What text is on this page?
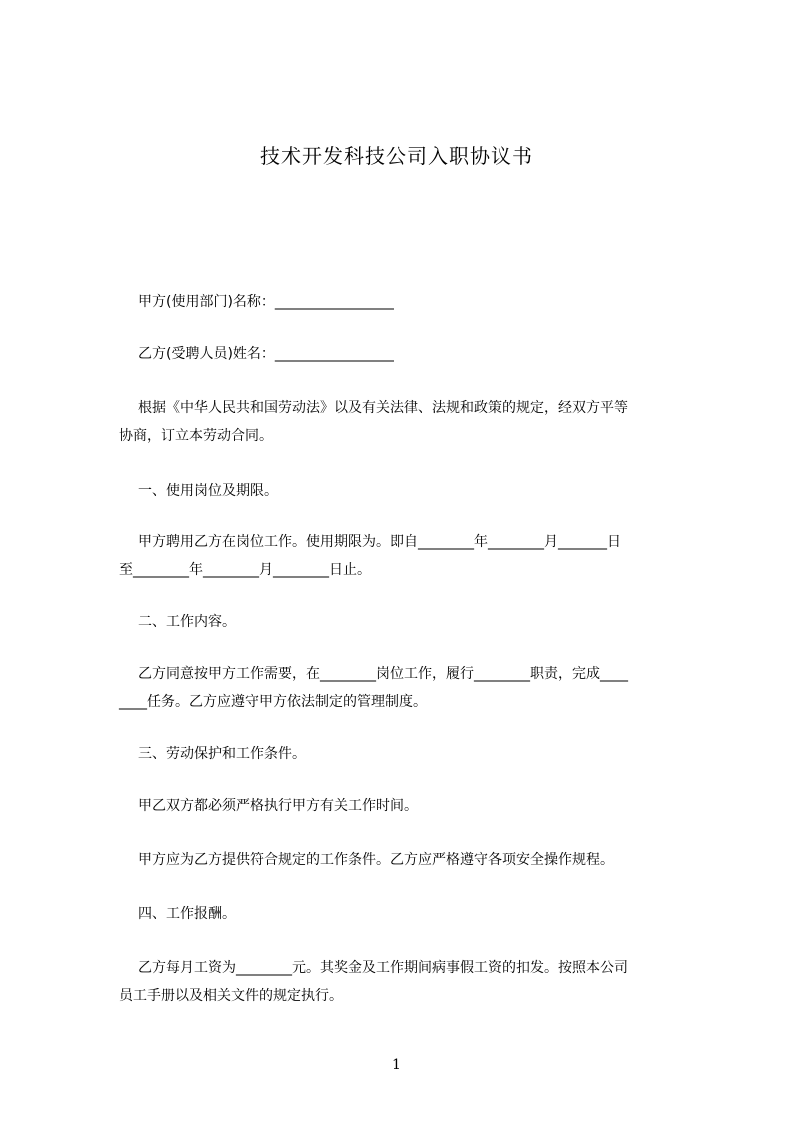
技术开发科技公司入职协议书
甲方(使用部门)名称：_________________
乙方(受聘人员)姓名：_________________
根据《中华人民共和国劳动法》以及有关法律、法规和政策的规定，经双方平等
协商，订立本劳动合同。
一、使用岗位及期限。
甲方聘用乙方在岗位工作。使用期限为。即自________年________月_______日
至________年________月________日止。
二、工作内容。
乙方同意按甲方工作需要，在________岗位工作，履行________职责，完成____
____任务。乙方应遵守甲方依法制定的管理制度。
三、劳动保护和工作条件。
甲乙双方都必须严格执行甲方有关工作时间。
甲方应为乙方提供符合规定的工作条件。乙方应严格遵守各项安全操作规程。
四、工作报酬。
乙方每月工资为________元。其奖金及工作期间病事假工资的扣发。按照本公司
员工手册以及相关文件的规定执行。
1
